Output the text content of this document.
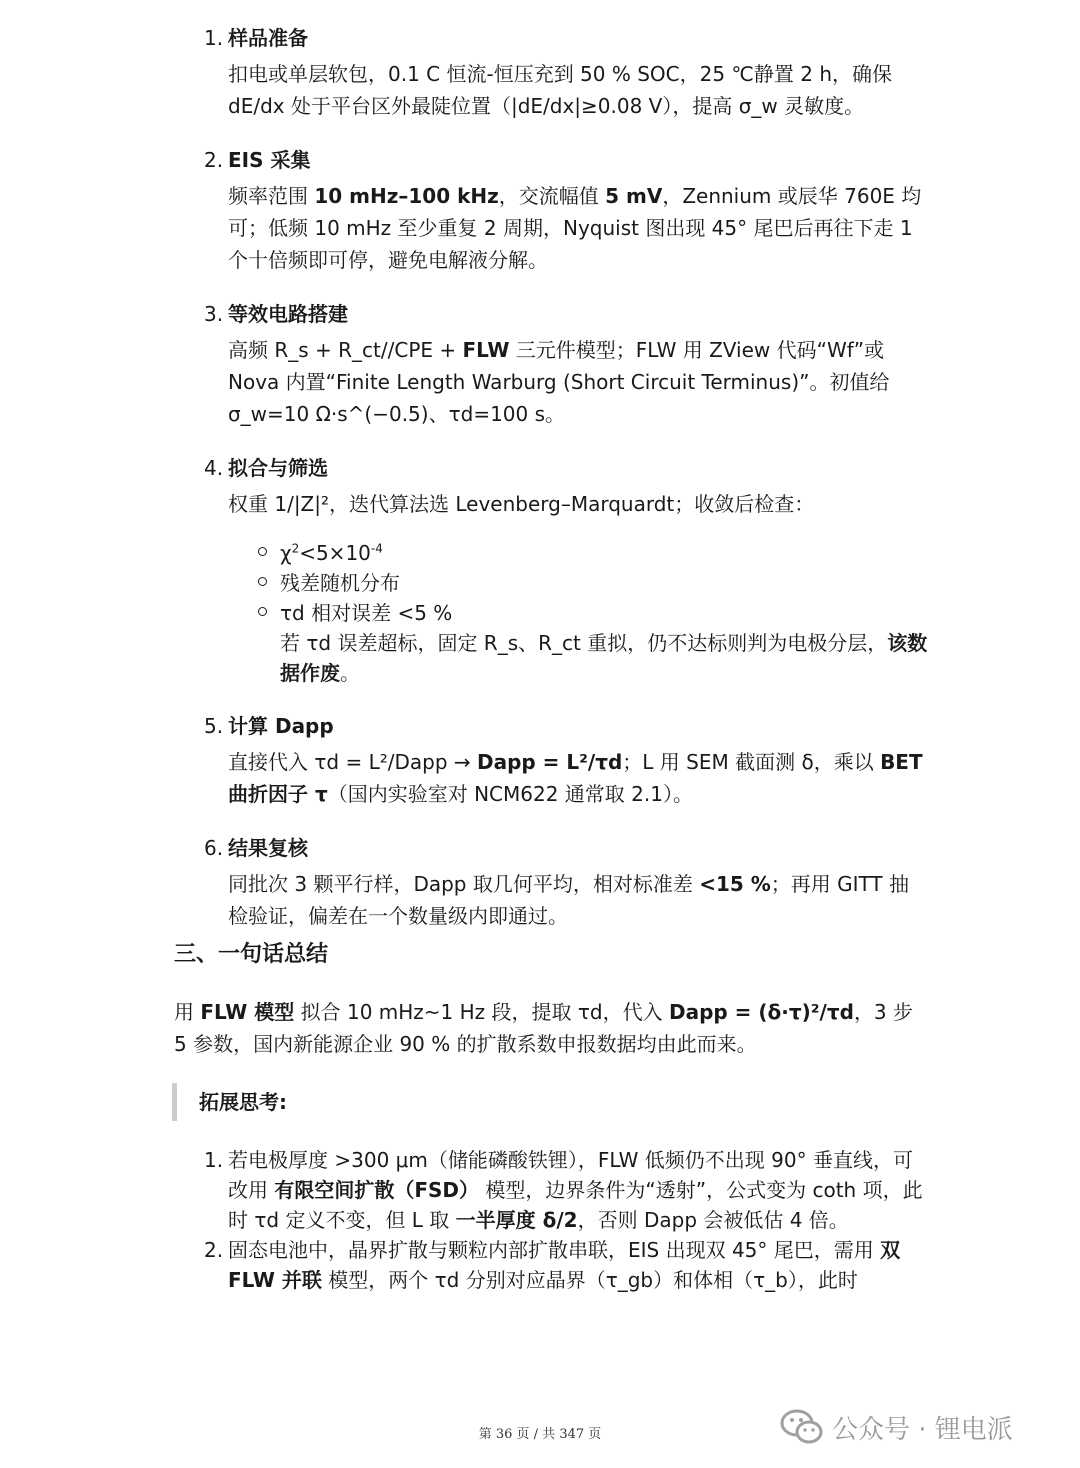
1. 样品准备
扣电或单层软包，0.1 C 恒流-恒压充到 50 % SOC，25 ℃静置 2 h，确保 dE/dx 处于平台区外最陡位置（|dE/dx|≥0.08 V），提高 σ_w 灵敏度。
2. EIS 采集
频率范围 10 mHz–100 kHz，交流幅值 5 mV，Zennium 或辰华 760E 均可；低频 10 mHz 至少重复 2 周期，Nyquist 图出现 45° 尾巴后再往下走 1 个十倍频即可停，避免电解液分解。
3. 等效电路搭建
高频 R_s + R_ct//CPE + FLW 三元件模型；FLW 用 ZView 代码“Wf”或 Nova 内置“Finite Length Warburg (Short Circuit Terminus)”。初值给 σ_w=10 Ω·s^(−0.5)、τd=100 s。
4. 拟合与筛选
权重 1/|Z|²，迭代算法选 Levenberg–Marquardt；收敛后检查：
$\chi^2<5\times 10^{-4}$
残差随机分布
τd 相对误差 <5 %
若 τd 误差超标，固定 R_s、R_ct 重拟，仍不达标则判为电极分层，该数据作废。
5. 计算 Dapp
直接代入 τd = L²/Dapp → Dapp = L²/τd；L 用 SEM 截面测 δ，乘以 BET 曲折因子 τ（国内实验室对 NCM622 通常取 2.1）。
6. 结果复核
同批次 3 颗平行样，Dapp 取几何平均，相对标准差 <15 %；再用 GITT 抽检验证，偏差在一个数量级内即通过。
三、一句话总结
用 FLW 模型 拟合 10 mHz~1 Hz 段，提取 τd，代入 Dapp = (δ·τ)²/τd，3 步 5 参数，国内新能源企业 90 % 的扩散系数申报数据均由此而来。
拓展思考:
1. 若电极厚度 >300 μm（储能磷酸铁锂），FLW 低频仍不出现 90° 垂直线，可改用 有限空间扩散（FSD） 模型，边界条件为“透射”，公式变为 coth 项，此时 τd 定义不变，但 L 取 一半厚度 δ/2，否则 Dapp 会被低估 4 倍。
2. 固态电池中，晶界扩散与颗粒内部扩散串联，EIS 出现双 45° 尾巴，需用 双 FLW 并联 模型，两个 τd 分别对应晶界（τ_gb）和体相（τ_b），此时
第 36 页 / 共 347 页	公众号 · 锂电派
